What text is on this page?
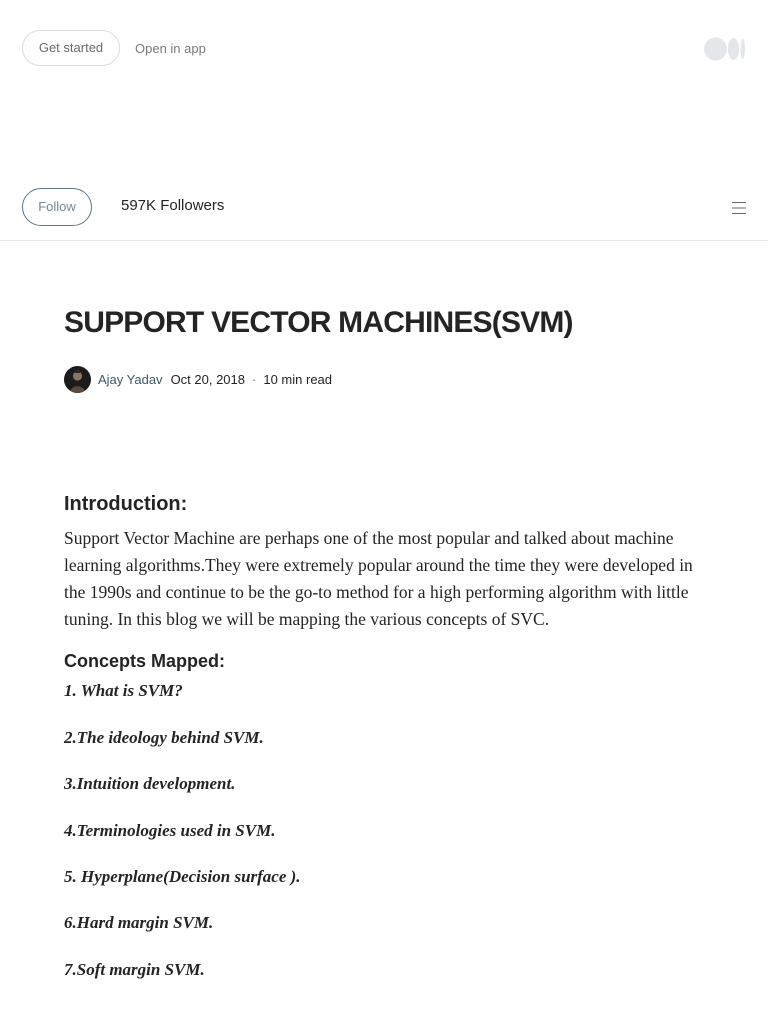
Get started	Open in app
Follow	597K Followers
SUPPORT VECTOR MACHINES(SVM)
Ajay Yadav Oct 20, 2018 · 10 min read
Introduction:

Support Vector Machine are perhaps one of the most popular and talked about machine learning algorithms.They were extremely popular around the time they were developed in the 1990s and continue to be the go-to method for a high performing algorithm with little tuning. In this blog we will be mapping the various concepts of SVC.

Concepts Mapped:

1. What is SVM?

2.The ideology behind SVM.

3.Intuition development.

4.Terminologies used in SVM.

5. Hyperplane(Decision surface ).

6.Hard margin SVM.

7.Soft margin SVM.
